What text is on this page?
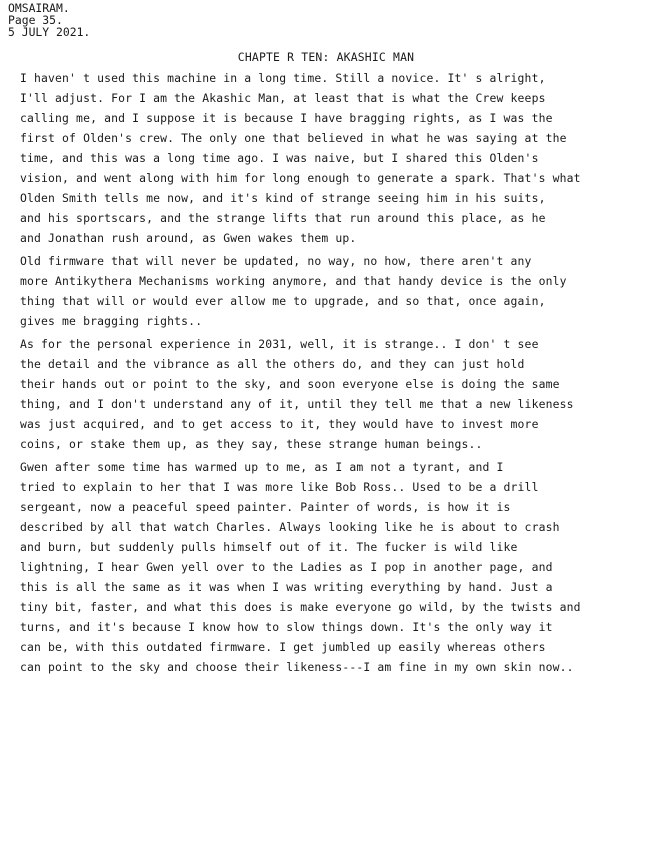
OMSAIRAM.
Page 35.
5 JULY 2021.
CHAPTE R TEN: AKASHIC MAN
I haven' t used this machine in a long time. Still a novice. It' s alright,
I'll adjust. For I am the Akashic Man, at least that is what the Crew keeps
calling me, and I suppose it is because I have bragging rights, as I was the
first of Olden's crew. The only one that believed in what he was saying at the
time, and this was a long time ago. I was naive, but I shared this Olden's
vision, and went along with him for long enough to generate a spark. That's what
Olden Smith tells me now, and it's kind of strange seeing him in his suits,
and his sportscars, and the strange lifts that run around this place, as he
and Jonathan rush around, as Gwen wakes them up.
Old firmware that will never be updated, no way, no how, there aren't any
more Antikythera Mechanisms working anymore, and that handy device is the only
thing that will or would ever allow me to upgrade, and so that, once again,
gives me bragging rights..
As for the personal experience in 2031, well, it is strange.. I don' t see
the detail and the vibrance as all the others do, and they can just hold
their hands out or point to the sky, and soon everyone else is doing the same
thing, and I don't understand any of it, until they tell me that a new likeness
was just acquired, and to get access to it, they would have to invest more
coins, or stake them up, as they say, these strange human beings..
Gwen after some time has warmed up to me, as I am not a tyrant, and I
tried to explain to her that I was more like Bob Ross.. Used to be a drill
sergeant, now a peaceful speed painter. Painter of words, is how it is
described by all that watch Charles. Always looking like he is about to crash
and burn, but suddenly pulls himself out of it. The fucker is wild like
lightning, I hear Gwen yell over to the Ladies as I pop in another page, and
this is all the same as it was when I was writing everything by hand. Just a
tiny bit, faster, and what this does is make everyone go wild, by the twists and
turns, and it's because I know how to slow things down. It's the only way it
can be, with this outdated firmware. I get jumbled up easily whereas others
can point to the sky and choose their likeness---I am fine in my own skin now..
